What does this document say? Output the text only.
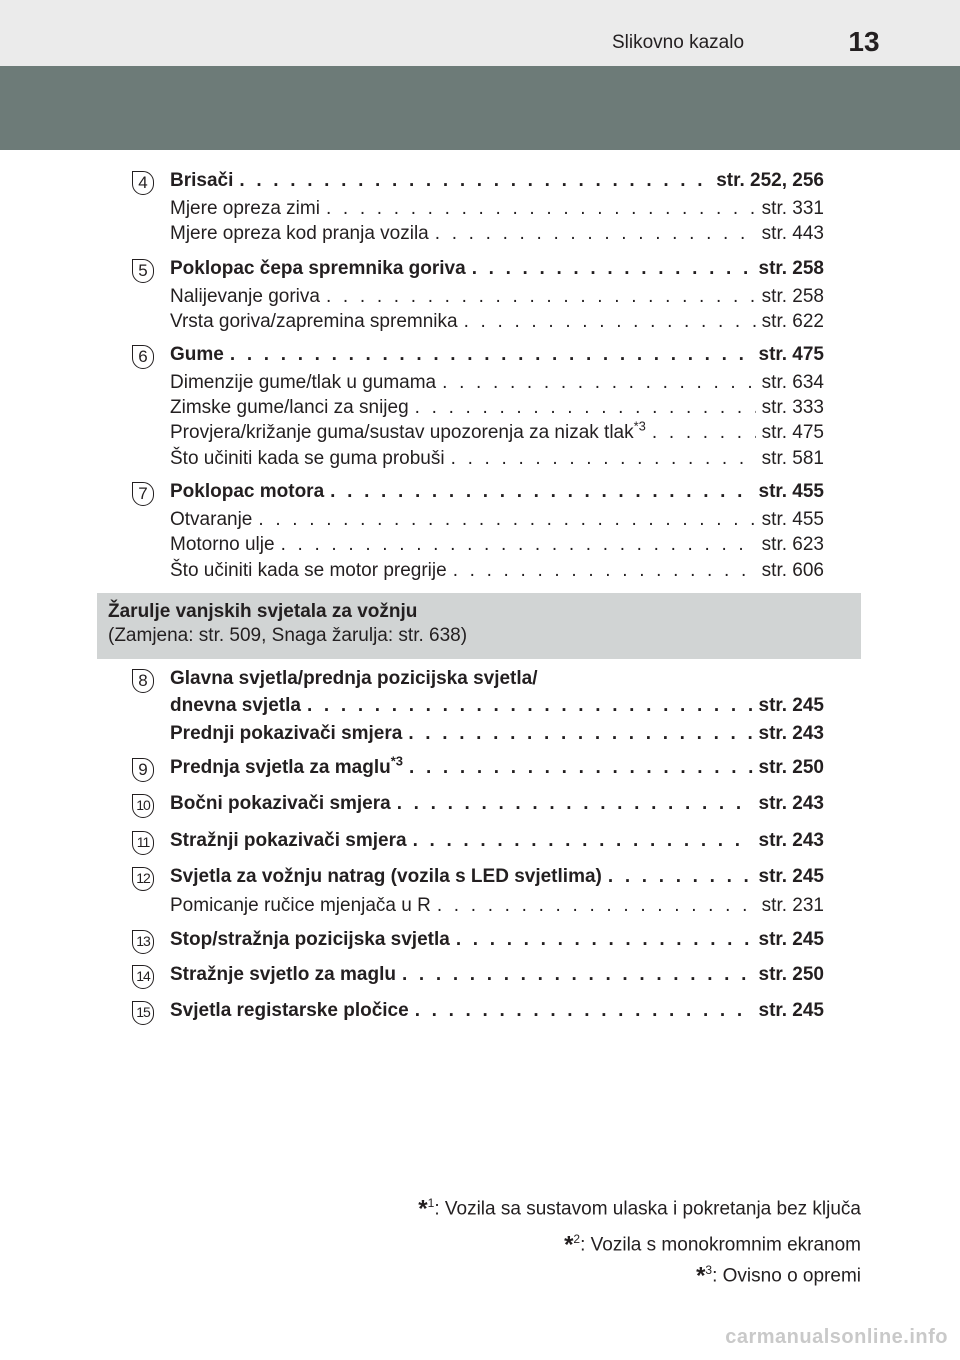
Slikovno kazalo	13
4	Brisači . . .	str. 252, 256
Mjere opreza zimi . . .	str. 331
Mjere opreza kod pranja vozila . . .	str. 443
5	Poklopac čepa spremnika goriva . . .	str. 258
Nalijevanje goriva . . .	str. 258
Vrsta goriva/zapremina spremnika . . .	str. 622
6	Gume . . .	str. 475
Dimenzije gume/tlak u gumama . . .	str. 634
Zimske gume/lanci za snijeg . . .	str. 333
Provjera/križanje guma/sustav upozorenja za nizak tlak$^{*3}$ . . .	str. 475
Što učiniti kada se guma probuši . . .	str. 581
7	Poklopac motora . . .	str. 455
Otvaranje . . .	str. 455
Motorno ulje . . .	str. 623
Što učiniti kada se motor pregrije . . .	str. 606
Žarulje vanjskih svjetala za vožnju
(Zamjena: str. 509, Snaga žarulja: str. 638)
8	Glavna svjetla/prednja pozicijska svjetla/
dnevna svjetla . . .	str. 245
Prednji pokazivači smjera . . .	str. 243
9	Prednja svjetla za maglu$^{*3}$ . . .	str. 250
10 Bočni pokazivači smjera . . .	str. 243
11 Stražnji pokazivači smjera . . .	str. 243
12 Svjetla za vožnju natrag (vozila s LED svjetlima) . . .	str. 245
Pomicanje ručice mjenjača u R . . .	str. 231
13 Stop/stražnja pozicijska svjetla . . .	str. 245
14 Stražnje svjetlo za maglu . . .	str. 250
15 Svjetla registarske pločice . . .	str. 245
*$^1$: Vozila sa sustavom ulaska i pokretanja bez ključa
*$^2$: Vozila s monokromnim ekranom
*$^3$: Ovisno o opremi
carmanualsonline.info
